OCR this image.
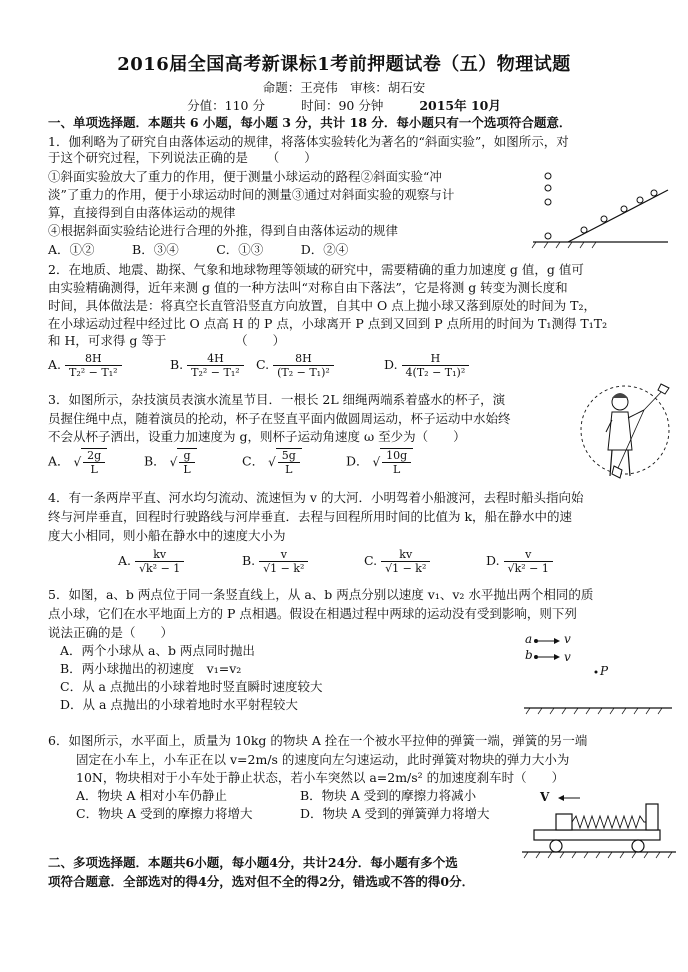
2016届全国高考新课标1考前押题试卷（五）物理试题
命题：王亮伟　审核：胡石安
分值：110 分	时间：90 分钟	2015年 10月
一、单项选择题．本题共 6 小题，每小题 3 分，共计 18 分．每小题只有一个选项符合题意．
1．伽利略为了研究自由落体运动的规律，将落体实验转化为著名的“斜面实验”，如图所示，对
于这个研究过程，下列说法正确的是　　（　　）
①斜面实验放大了重力的作用，便于测量小球运动的路程②斜面实验“冲
淡”了重力的作用，便于小球运动时间的测量③通过对斜面实验的观察与计
算，直接得到自由落体运动的规律
④根据斜面实验结论进行合理的外推，得到自由落体运动的规律
A．①②　　　B．③④　　　C．①③　　　D．②④
2．在地质、地震、勘探、气象和地球物理等领域的研究中，需要精确的重力加速度 g 值，g 值可
由实验精确测得，近年来测 g 值的一种方法叫“对称自由下落法”，它是将测 g 转变为测长度和
时间，具体做法是：将真空长直管沿竖直方向放置，自其中 O 点上抛小球又落到原处的时间为 T₂，
在小球运动过程中经过比 O 点高 H 的 P 点，小球离开 P 点到又回到 P 点所用的时间为 T₁测得 T₁T₂
和 H，可求得 g 等于　　　　　　（　　）
A. $\frac{8H}{\text{T₂² − T₁²}}$	B. $\frac{4H}{\text{T₂² − T₁²}} C$. $\frac{8H}{\text{(T₂ − T₁)²}}$	D. $\frac{H}{\text{4(T₂ − T₁)²}}$
3．如图所示，杂技演员表演水流星节目．一根长 2L 细绳两端系着盛水的杯子，演
员握住绳中点，随着演员的抡动，杯子在竖直平面内做圆周运动，杯子运动中水始终
不会从杯子洒出，设重力加速度为 g，则杯子运动角速度 ω 至少为（　　）
A． √ $\frac{2g}{L}$	B． √ $\frac{g}{L}$	C． √ $\frac{5g}{L}$	D． √ $\frac{10g}{L}$
4．有一条两岸平直、河水均匀流动、流速恒为 v 的大河．小明驾着小船渡河，去程时船头指向始
终与河岸垂直，回程时行驶路线与河岸垂直．去程与回程所用时间的比值为 k，船在静水中的速
度大小相同，则小船在静水中的速度大小为
A. $\frac{kv}{\text{√k² − 1}}$	B. $\frac{v}{\text{√1 − k²}}$	C. $\frac{kv}{\text{√1 − k²}}$	D. $\frac{v}{\text{√k² − 1}}$
5．如图，a、b 两点位于同一条竖直线上，从 a、b 两点分别以速度 v₁、v₂ 水平抛出两个相同的质
点小球，它们在水平地面上方的 P 点相遇。假设在相遇过程中两球的运动没有受到影响，则下列
说法正确的是（　　）
A．两个小球从 a、b 两点同时抛出
B．两小球抛出的初速度　v₁=v₂
C．从 a 点抛出的小球着地时竖直瞬时速度较大
D．从 a 点抛出的小球着地时水平射程较大
a
b
v
v
P
6．如图所示，水平面上，质量为 10kg 的物块 A 拴在一个被水平拉伸的弹簧一端，弹簧的另一端
固定在小车上，小车正在以 v=2m/s 的速度向左匀速运动，此时弹簧对物块的弹力大小为
10N，物块相对于小车处于静止状态，若小车突然以 a=2m/s² 的加速度刹车时（　　）
A．物块 A 相对小车仍静止	B．物块 A 受到的摩擦力将减小
C．物块 A 受到的摩擦力将增大	D．物块 A 受到的弹簧弹力将增大
V
二、多项选择题．本题共6小题，每小题4分，共计24分．每小题有多个选
项符合题意．全部选对的得4分，选对但不全的得2分，错选或不答的得0分．
